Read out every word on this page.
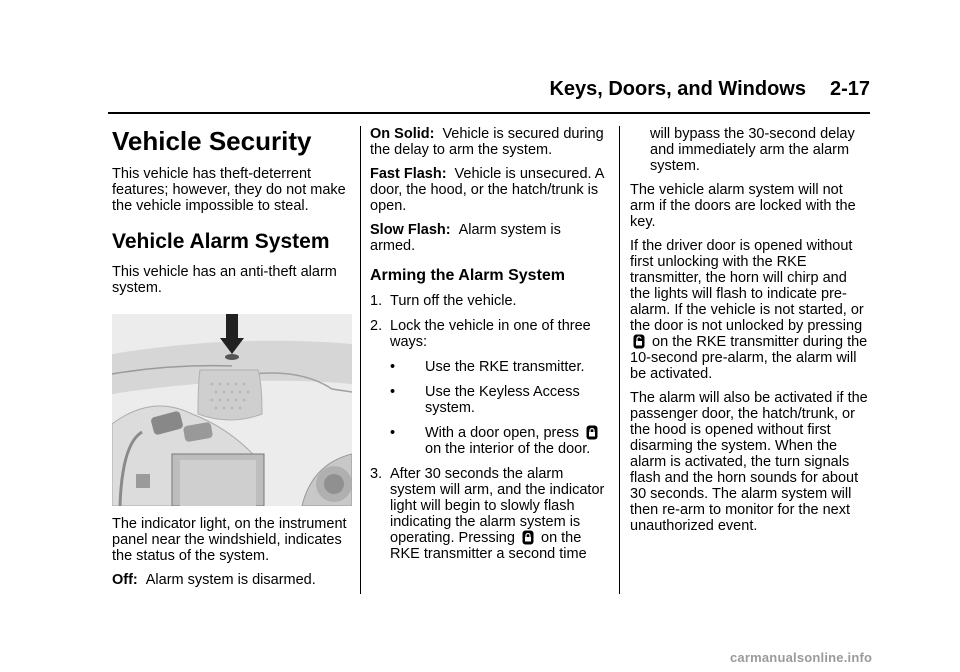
Keys, Doors, and Windows 2-17
Vehicle Security

This vehicle has theft-deterrent features; however, they do not make the vehicle impossible to steal.

Vehicle Alarm System

This vehicle has an anti-theft alarm system.

The indicator light, on the instrument panel near the windshield, indicates the status of the system.

Off: Alarm system is disarmed.

On Solid: Vehicle is secured during the delay to arm the system.

Fast Flash: Vehicle is unsecured. A door, the hood, or the hatch/trunk is open.

Slow Flash: Alarm system is armed.

Arming the Alarm System
1. Turn off the vehicle.
2. Lock the vehicle in one of three ways:
•	Use the RKE transmitter.
•	Use the Keyless Access system.
•	With a door open, press  on the interior of the door.
3. After 30 seconds the alarm system will arm, and the indicator light will begin to slowly flash indicating the alarm system is operating. Pressing on the RKE transmitter a second time

will bypass the 30-second delay and immediately arm the alarm system.

The vehicle alarm system will not arm if the doors are locked with the key.

If the driver door is opened without first unlocking with the RKE transmitter, the horn will chirp and the lights will flash to indicate pre-alarm. If the vehicle is not started, or the door is not unlocked by pressing  on the RKE transmitter during the 10-second pre-alarm, the alarm will be activated.

The alarm will also be activated if the passenger door, the hatch/trunk, or the hood is opened without first disarming the system. When the alarm is activated, the turn signals flash and the horn sounds for about 30 seconds. The alarm system will then re-arm to monitor for the next unauthorized event.

carmanualsonline.info
